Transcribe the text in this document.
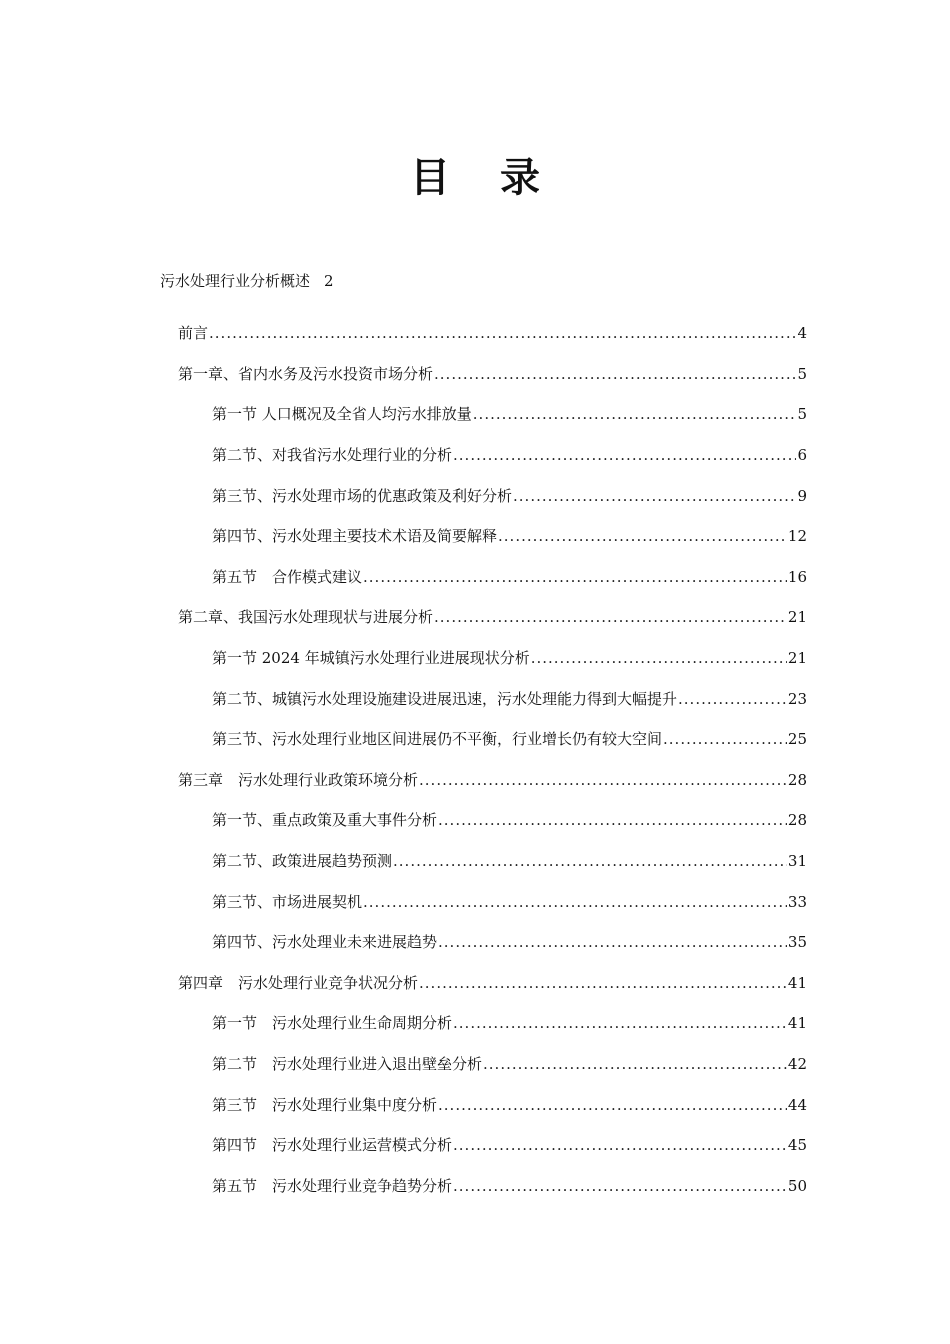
目 录
污水处理行业分析概述 2
前言 .....	4
第一章、省内水务及污水投资市场分析 .....	5
第一节 人口概况及全省人均污水排放量 .....	5
第二节、对我省污水处理行业的分析 .....	6
第三节、污水处理市场的优惠政策及利好分析 .....	9
第四节、污水处理主要技术术语及简要解释 .....	12
第五节　合作模式建议 .....	16
第二章、我国污水处理现状与进展分析 .....	21
第一节 2024 年城镇污水处理行业进展现状分析 .....	21
第二节、城镇污水处理设施建设进展迅速，污水处理能力得到大幅提升 .....	23
第三节、污水处理行业地区间进展仍不平衡，行业增长仍有较大空间 .....	25
第三章　污水处理行业政策环境分析 .....	28
第一节、重点政策及重大事件分析 .....	28
第二节、政策进展趋势预测 .....	31
第三节、市场进展契机 .....	33
第四节、污水处理业未来进展趋势 .....	35
第四章　污水处理行业竞争状况分析 .....	41
第一节　污水处理行业生命周期分析 .....	41
第二节　污水处理行业进入退出壁垒分析 .....	42
第三节　污水处理行业集中度分析 .....	44
第四节　污水处理行业运营模式分析 .....	45
第五节　污水处理行业竞争趋势分析 .....	50
